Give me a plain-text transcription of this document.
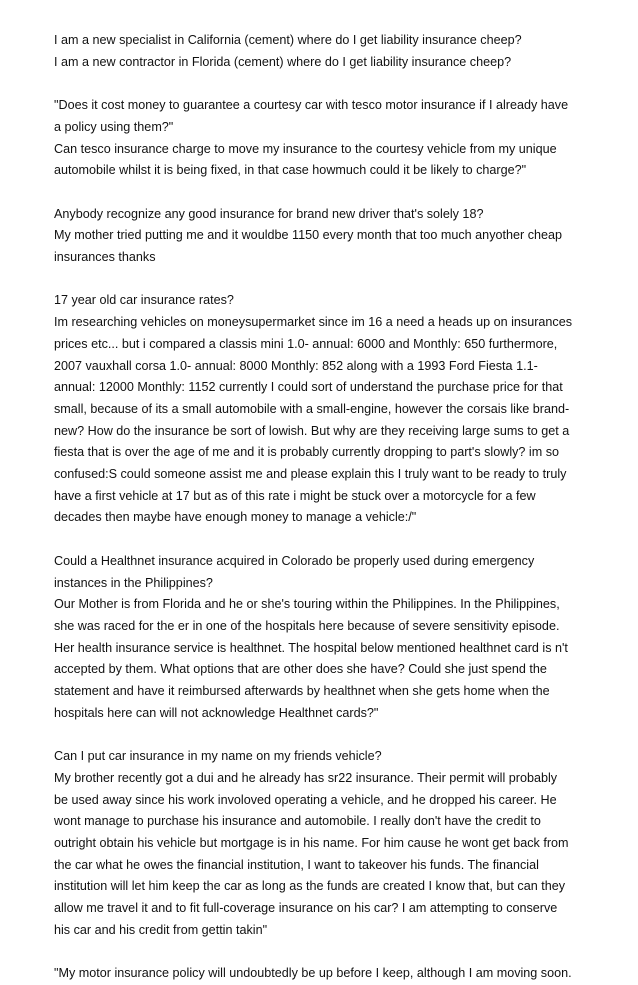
I am a new specialist in California (cement) where do I get liability insurance cheep?
I am a new contractor in Florida (cement) where do I get liability insurance cheep?
"Does it cost money to guarantee a courtesy car with tesco motor insurance if I already have
a policy using them?"
Can tesco insurance charge to move my insurance to the courtesy vehicle from my unique
automobile whilst it is being fixed, in that case howmuch could it be likely to charge?"
Anybody recognize any good insurance for brand new driver that's solely 18?
My mother tried putting me and it wouldbe 1150 every month that too much anyother cheap
insurances thanks
17 year old car insurance rates?
Im researching vehicles on moneysupermarket since im 16 a need a heads up on insurances
prices etc... but i compared a classis mini 1.0- annual: 6000 and Monthly: 650 furthermore,
2007 vauxhall corsa 1.0- annual: 8000 Monthly: 852 along with a 1993 Ford Fiesta 1.1-
annual: 12000 Monthly: 1152 currently I could sort of understand the purchase price for that
small, because of its a small automobile with a small-engine, however the corsais like brand-
new? How do the insurance be sort of lowish. But why are they receiving large sums to get a
fiesta that is over the age of me and it is probably currently dropping to part's slowly? im so
confused:S could someone assist me and please explain this I truly want to be ready to truly
have a first vehicle at 17 but as of this rate i might be stuck over a motorcycle for a few
decades then maybe have enough money to manage a vehicle:/"
Could a Healthnet insurance acquired in Colorado be properly used during emergency
instances in the Philippines?
Our Mother is from Florida and he or she's touring within the Philippines. In the Philippines,
she was raced for the er in one of the hospitals here because of severe sensitivity episode.
Her health insurance service is healthnet. The hospital below mentioned healthnet card is n't
accepted by them. What options that are other does she have? Could she just spend the
statement and have it reimbursed afterwards by healthnet when she gets home when the
hospitals here can will not acknowledge Healthnet cards?"
Can I put car insurance in my name on my friends vehicle?
My brother recently got a dui and he already has sr22 insurance. Their permit will probably
be used away since his work involoved operating a vehicle, and he dropped his career. He
wont manage to purchase his insurance and automobile. I really don't have the credit to
outright obtain his vehicle but mortgage is in his name. For him cause he wont get back from
the car what he owes the financial institution, I want to takeover his funds. The financial
institution will let him keep the car as long as the funds are created I know that, but can they
allow me travel it and to fit full-coverage insurance on his car? I am attempting to conserve
his car and his credit from gettin takin"
"My motor insurance policy will undoubtedly be up before I keep, although I am moving soon.
